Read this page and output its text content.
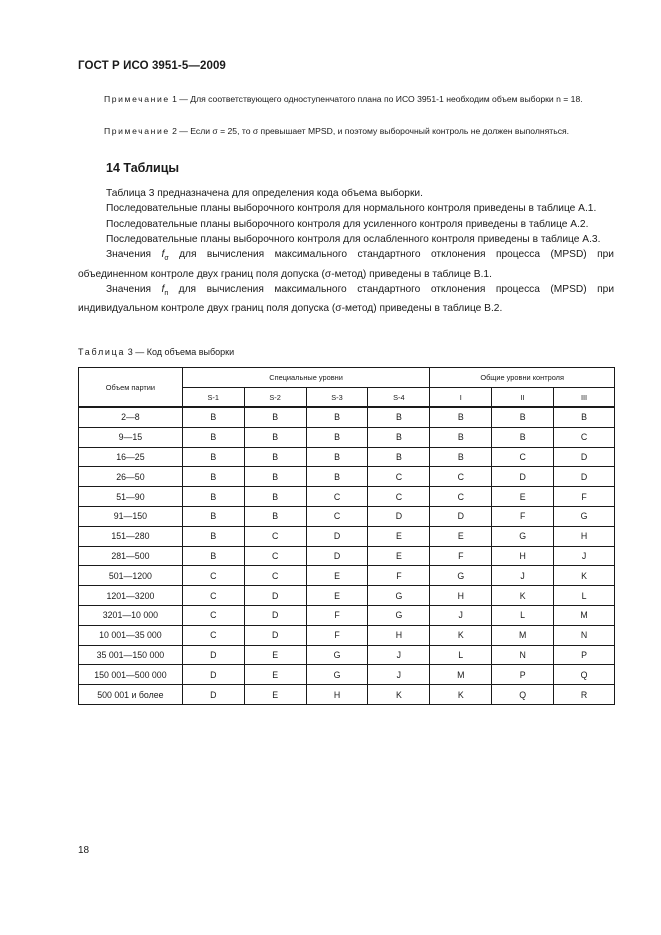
ГОСТ Р ИСО 3951-5—2009
Примечание 1 — Для соответствующего одноступенчатого плана по ИСО 3951-1 необходим объем выборки n = 18.
Примечание 2 — Если σ = 25, то σ превышает MPSD, и поэтому выборочный контроль не должен выполняться.
14 Таблицы

Таблица 3 предназначена для определения кода объема выборки.

Последовательные планы выборочного контроля для нормального контроля приведены в таблице А.1.

Последовательные планы выборочного контроля для усиленного контроля приведены в таблице А.2.

Последовательные планы выборочного контроля для ослабленного контроля приведены в таблице А.3.

Значения $f_\sigma$ для вычисления максимального стандартного отклонения процесса (MPSD) при объединенном контроле двух границ поля допуска (σ-метод) приведены в таблице В.1.

Значения $f_п$ для вычисления максимального стандартного отклонения процесса (MPSD) при индивидуальном контроле двух границ поля допуска (σ-метод) приведены в таблице В.2.

Таблица 3 — Код объема выборки
Объем партии	Специальные уровни				Общие уровни контроля		
	S-1	S-2	S-3	S-4	I	II	III
2—8	B	B	B	B	B	B	B
9—15	B	B	B	B	B	B	C
16—25	B	B	B	B	B	C	D
26—50	B	B	B	C	C	D	D
51—90	B	B	C	C	C	E	F
91—150	B	B	C	D	D	F	G
151—280	B	C	D	E	E	G	H
281—500	B	C	D	E	F	H	J
501—1200	C	C	E	F	G	J	K
1201—3200	C	D	E	G	H	K	L
3201—10 000	C	D	F	G	J	L	M
10 001—35 000	C	D	F	H	K	M	N
35 001—150 000	D	E	G	J	L	N	P
150 001—500 000	D	E	G	J	M	P	Q
500 001 и более	D	E	H	K	K	Q	R
18
